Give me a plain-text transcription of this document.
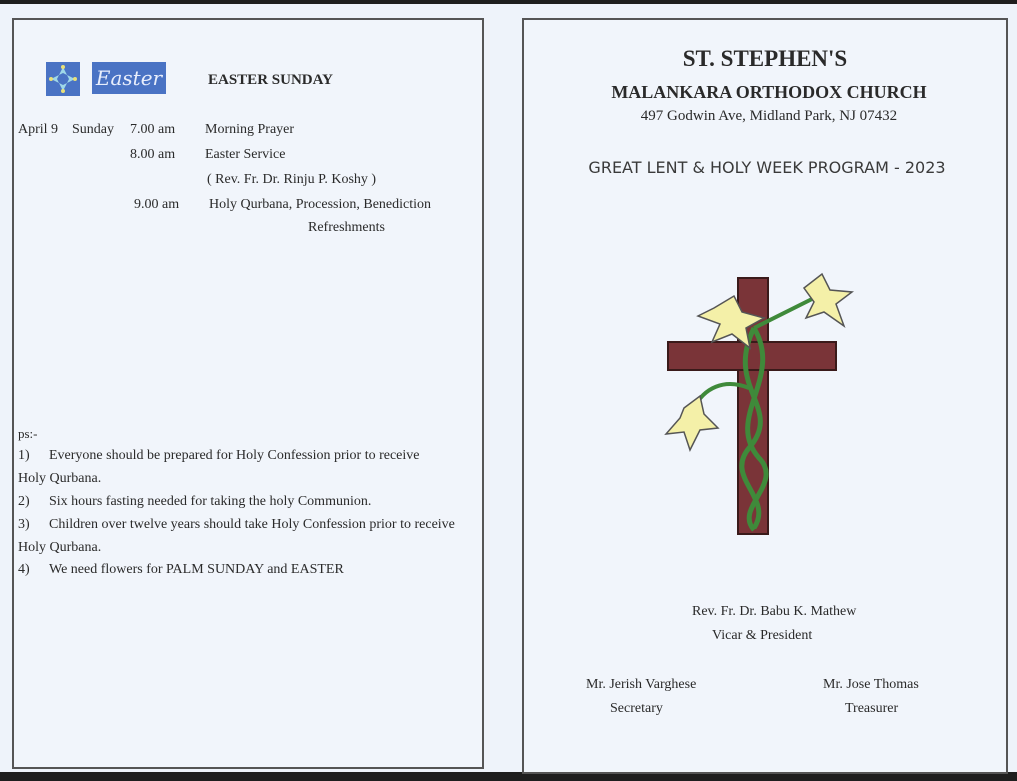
Easter	EASTER SUNDAY
April 9 Sunday 7.00 am Morning Prayer
8.00 am Easter Service
( Rev. Fr. Dr. Rinju P. Koshy )
9.00 am Holy Qurbana, Procession, Benediction
Refreshments
ps:-
1) Everyone should be prepared for Holy Confession prior to receive
Holy Qurbana.
2) Six hours fasting needed for taking the holy Communion.
3) Children over twelve years should take Holy Confession prior to receive
Holy Qurbana.
4) We need flowers for PALM SUNDAY and EASTER
ST. STEPHEN'S
MALANKARA ORTHODOX CHURCH
497 Godwin Ave, Midland Park, NJ 07432
GREAT LENT & HOLY WEEK PROGRAM - 2023
Rev. Fr. Dr. Babu K. Mathew
Vicar & President
Mr. Jerish Varghese
Secretary
Mr. Jose Thomas
Treasurer
